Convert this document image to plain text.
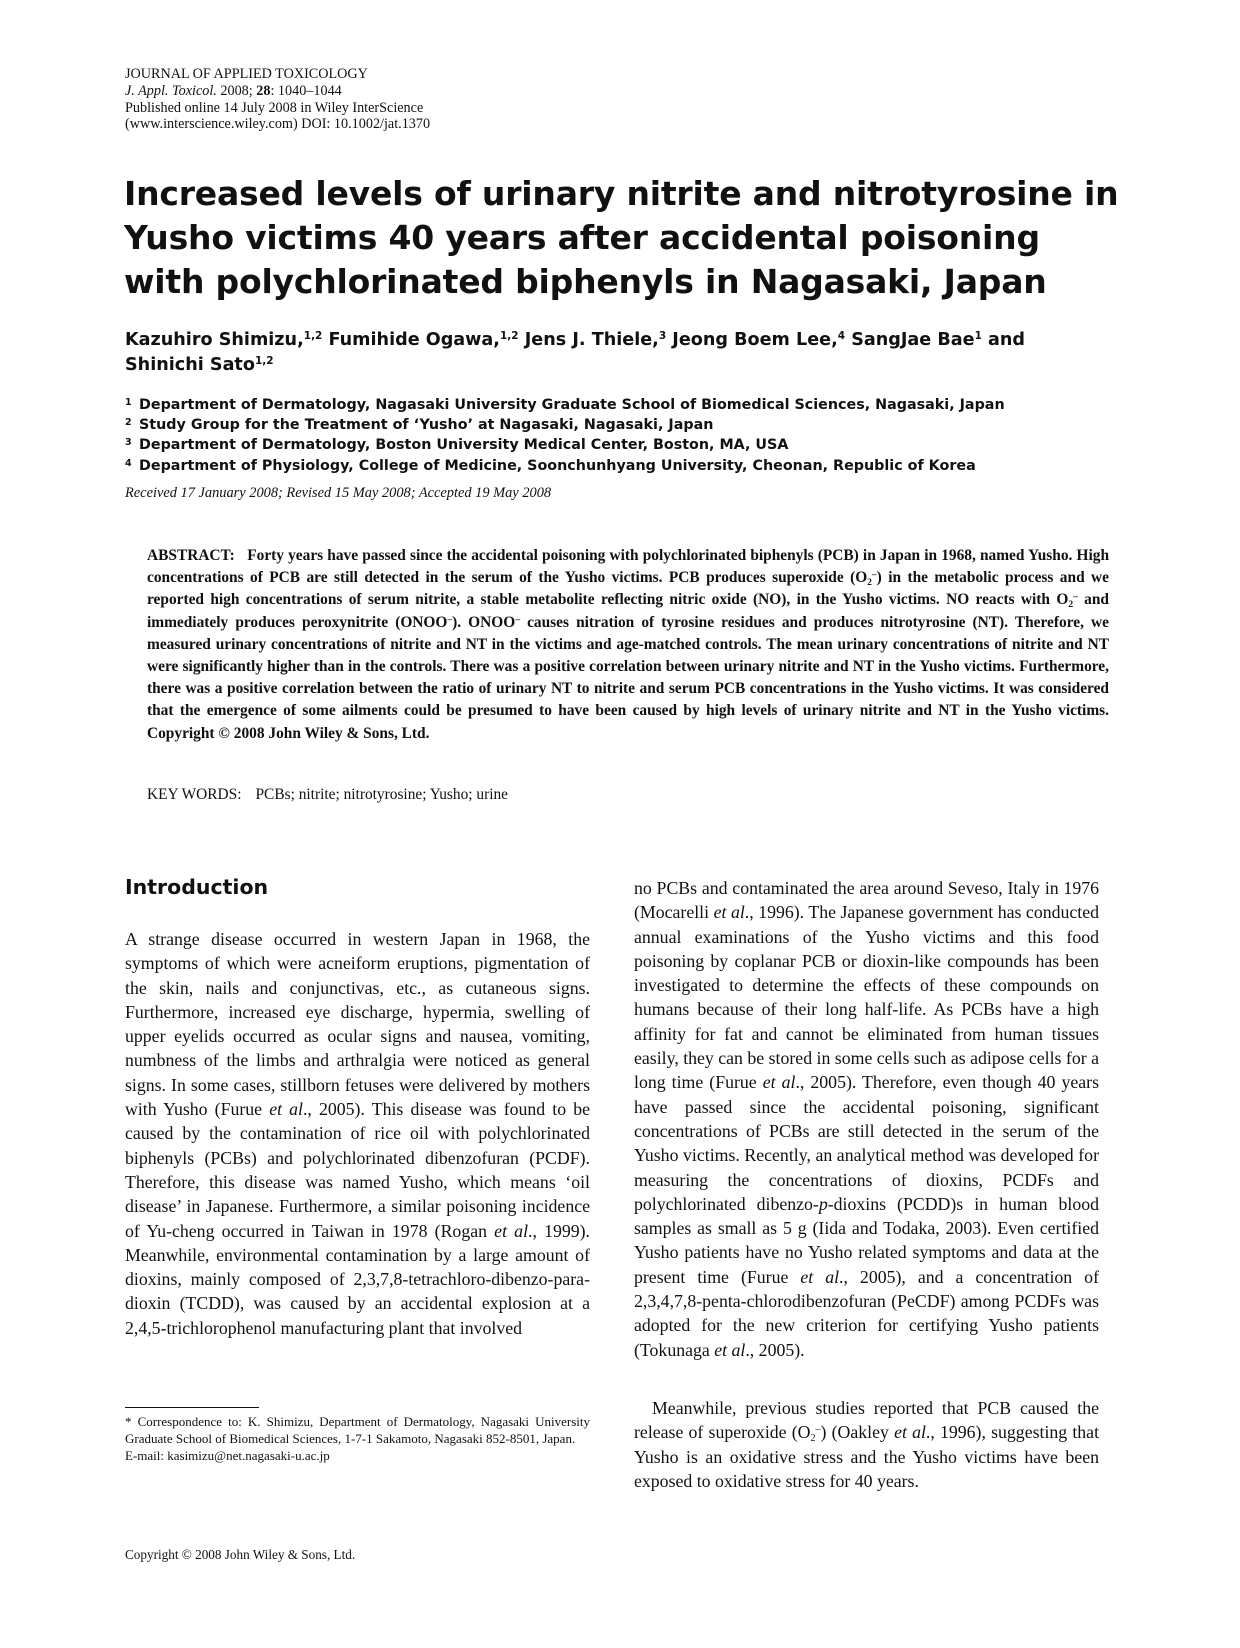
JOURNAL OF APPLIED TOXICOLOGY
J. Appl. Toxicol. 2008; 28: 1040–1044
Published online 14 July 2008 in Wiley InterScience
(www.interscience.wiley.com) DOI: 10.1002/jat.1370
Increased levels of urinary nitrite and nitrotyrosine in Yusho victims 40 years after accidental poisoning with polychlorinated biphenyls in Nagasaki, Japan

Kazuhiro Shimizu,$^{1,2}$ Fumihide Ogawa,$^{1,2}$ Jens J. Thiele,$^3$ Jeong Boem Lee,$^4$ SangJae Bae$^1$ and
Shinichi Sato$^{1,2}$

1 Department of Dermatology, Nagasaki University Graduate School of Biomedical Sciences, Nagasaki, Japan
2 Study Group for the Treatment of ‘Yusho’ at Nagasaki, Nagasaki, Japan
3 Department of Dermatology, Boston University Medical Center, Boston, MA, USA
4 Department of Physiology, College of Medicine, Soonchunhyang University, Cheonan, Republic of Korea
Received 17 January 2008; Revised 15 May 2008; Accepted 19 May 2008

ABSTRACT: Forty years have passed since the accidental poisoning with polychlorinated biphenyls (PCB) in Japan in 1968, named Yusho. High concentrations of PCB are still detected in the serum of the Yusho victims. PCB produces superoxide $(O_2^-)$ in the metabolic process and we reported high concentrations of serum nitrite, a stable metabolite reflecting nitric oxide (NO), in the Yusho victims. NO reacts with $O_2^-$ and immediately produces peroxynitrite (ONOO–). ONOO– causes nitration of tyrosine residues and produces nitrotyrosine (NT). Therefore, we measured urinary concentrations of nitrite and NT in the victims and age-matched controls. The mean urinary concentrations of nitrite and NT were significantly higher than in the controls. There was a positive correlation between urinary nitrite and NT in the Yusho victims. Furthermore, there was a positive correlation between the ratio of urinary NT to nitrite and serum PCB concentrations in the Yusho victims. It was considered that the emergence of some ailments could be presumed to have been caused by high levels of urinary nitrite and NT in the Yusho victims. Copyright © 2008 John Wiley & Sons, Ltd.

KEY WORDS: PCBs; nitrite; nitrotyrosine; Yusho; urine
Introduction

A strange disease occurred in western Japan in 1968, the symptoms of which were acneiform eruptions, pigmentation of the skin, nails and conjunctivas, etc., as cutaneous signs. Furthermore, increased eye discharge, hypermia, swelling of upper eyelids occurred as ocular signs and nausea, vomiting, numbness of the limbs and arthralgia were noticed as general signs. In some cases, stillborn fetuses were delivered by mothers with Yusho (Furue et al., 2005). This disease was found to be caused by the contamination of rice oil with polychlorinated biphenyls (PCBs) and polychlorinated dibenzofuran (PCDF). Therefore, this disease was named Yusho, which means ‘oil disease’ in Japanese. Furthermore, a similar poisoning incidence of Yu-cheng occurred in Taiwan in 1978 (Rogan et al., 1999). Meanwhile, environmental contamination by a large amount of dioxins, mainly composed of 2,3,7,8-tetrachloro-dibenzo-para-dioxin (TCDD), was caused by an accidental explosion at a 2,4,5-trichlorophenol manufacturing plant that involved

no PCBs and contaminated the area around Seveso, Italy in 1976 (Mocarelli et al., 1996). The Japanese government has conducted annual examinations of the Yusho victims and this food poisoning by coplanar PCB or dioxin-like compounds has been investigated to determine the effects of these compounds on humans because of their long half-life. As PCBs have a high affinity for fat and cannot be eliminated from human tissues easily, they can be stored in some cells such as adipose cells for a long time (Furue et al., 2005). Therefore, even though 40 years have passed since the accidental poisoning, significant concentrations of PCBs are still detected in the serum of the Yusho victims. Recently, an analytical method was developed for measuring the concentrations of dioxins, PCDFs and polychlorinated dibenzo-p-dioxins (PCDD)s in human blood samples as small as 5 g (Iida and Todaka, 2003). Even certified Yusho patients have no Yusho related symptoms and data at the present time (Furue et al., 2005), and a concentration of 2,3,4,7,8-penta-chlorodibenzofuran (PeCDF) among PCDFs was adopted for the new criterion for certifying Yusho patients (Tokunaga et al., 2005).

Meanwhile, previous studies reported that PCB caused the release of superoxide $(O_2^-)$ (Oakley et al., 1996), suggesting that Yusho is an oxidative stress and the Yusho victims have been exposed to oxidative stress for 40 years.

* Correspondence to: K. Shimizu, Department of Dermatology, Nagasaki University Graduate School of Biomedical Sciences, 1-7-1 Sakamoto, Nagasaki 852-8501, Japan.

E-mail: kasimizu@net.nagasaki-u.ac.jp

Copyright © 2008 John Wiley & Sons, Ltd.
